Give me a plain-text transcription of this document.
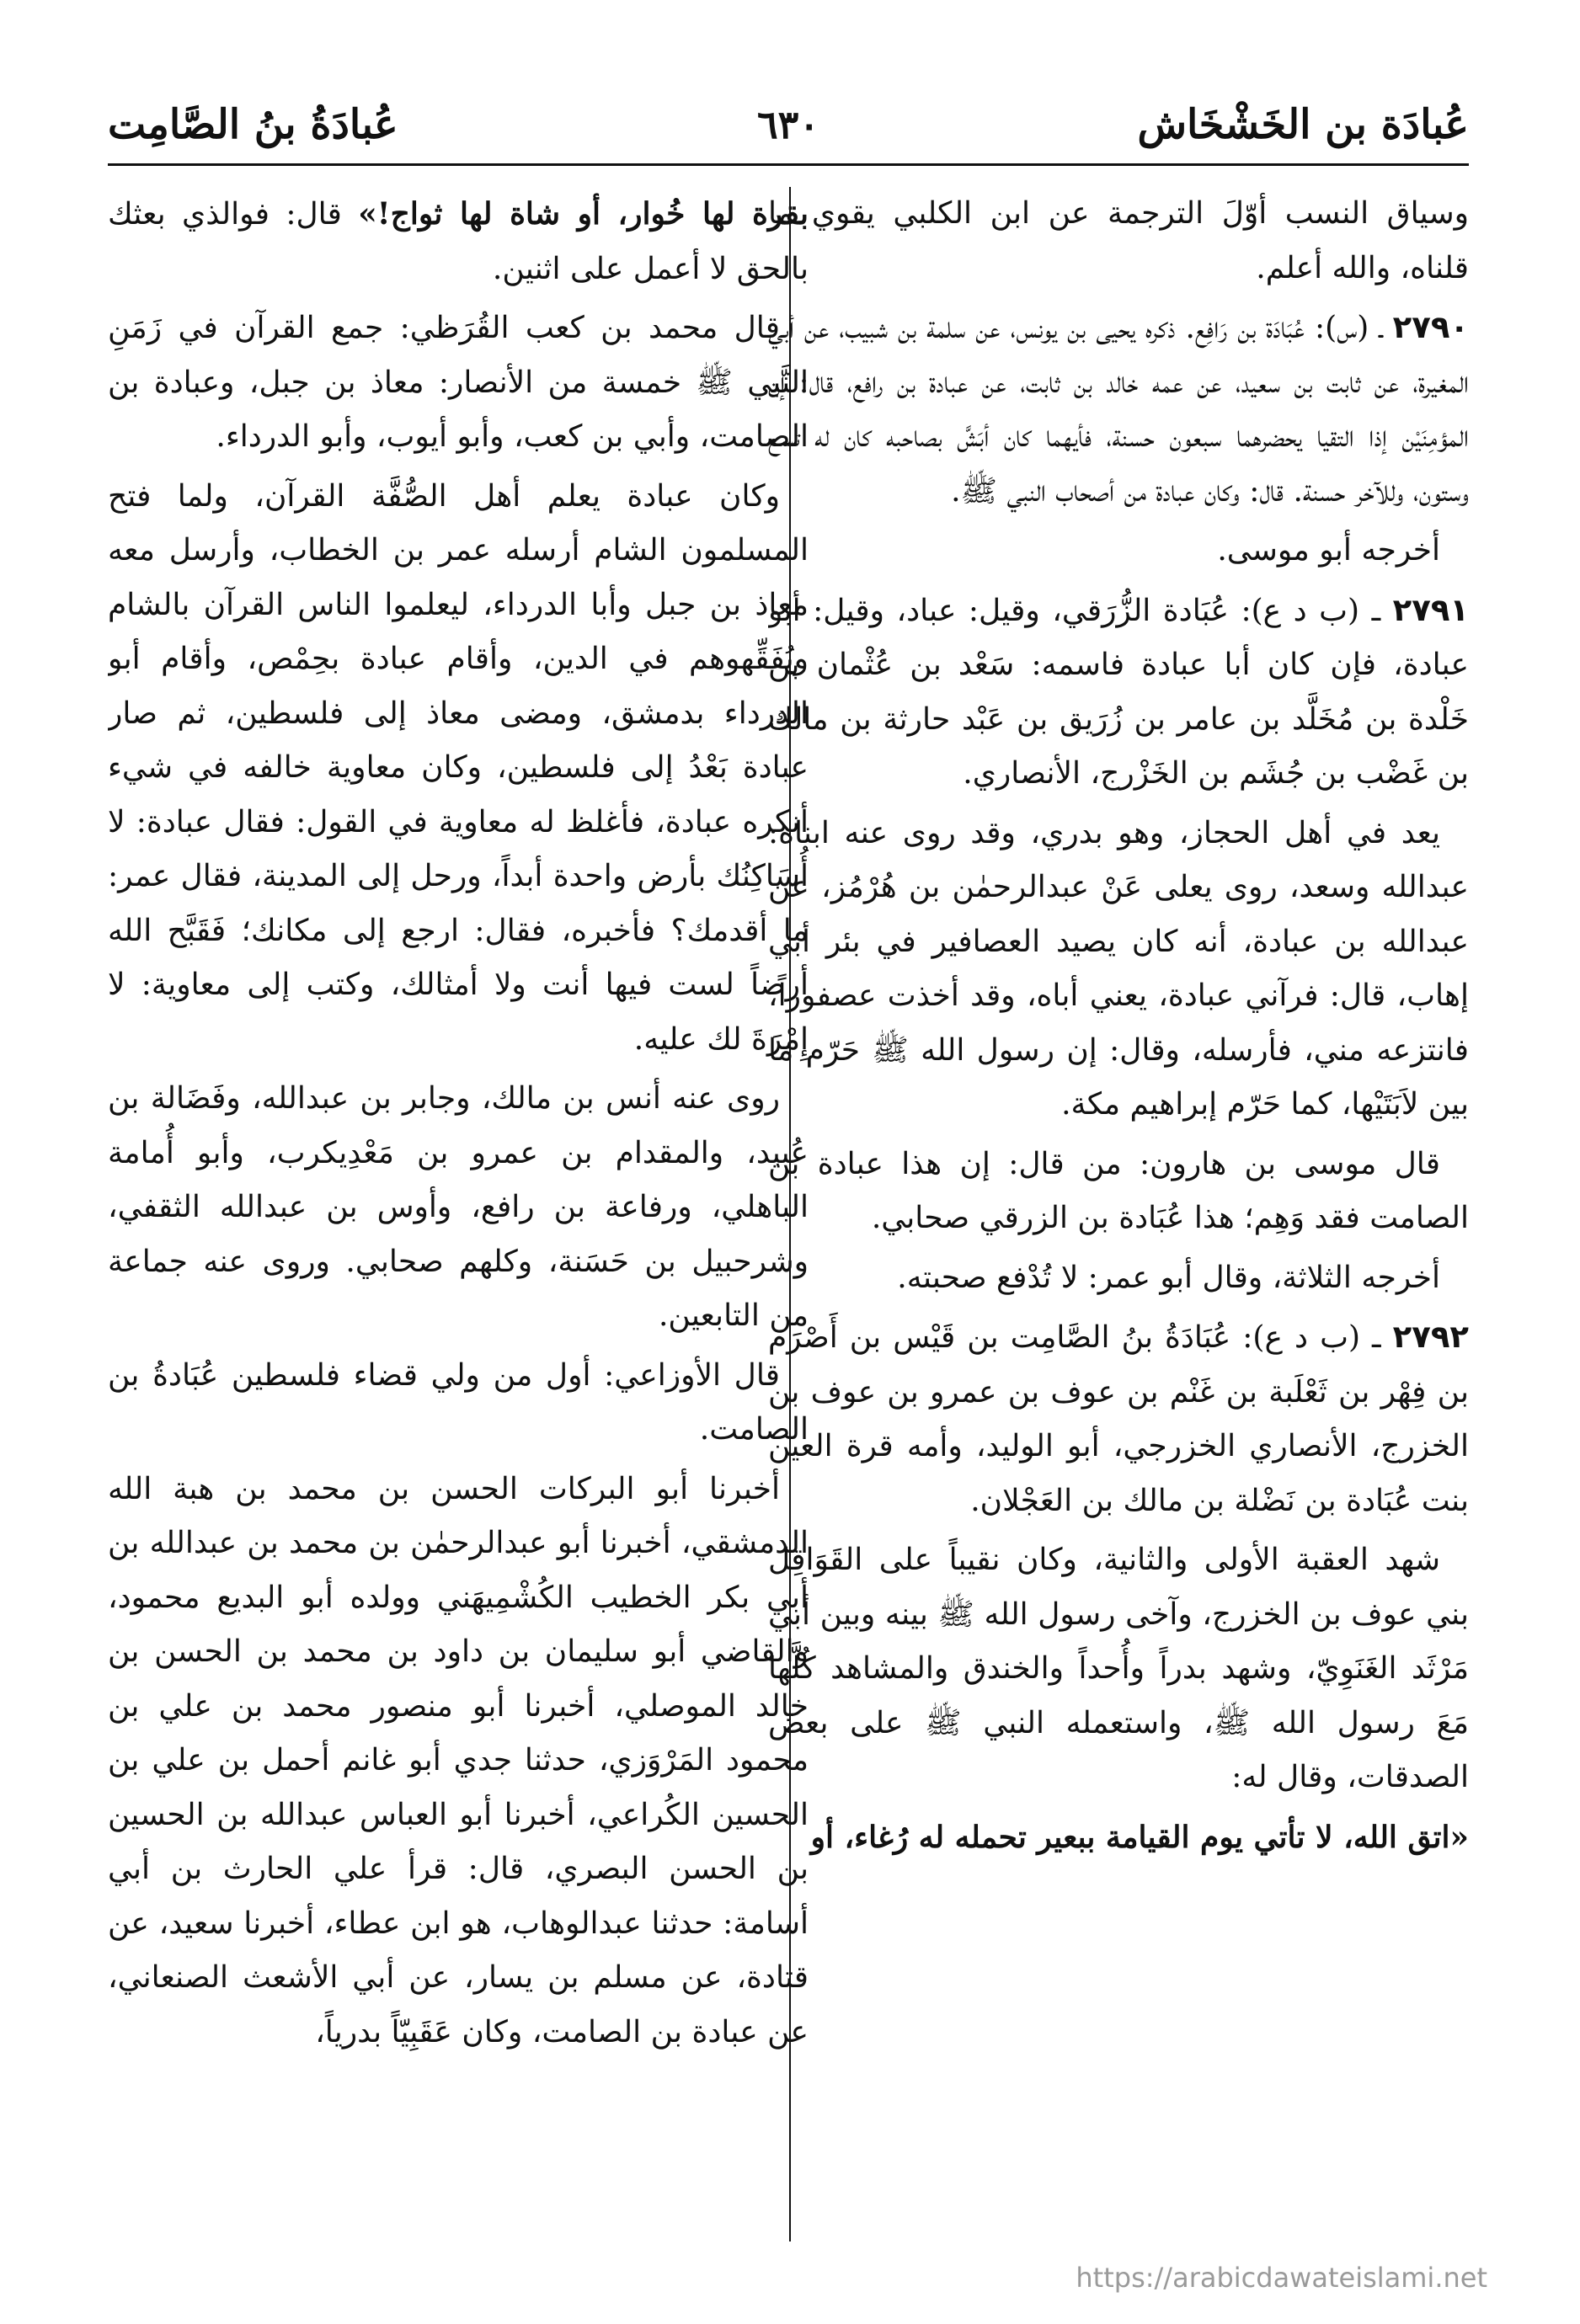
عُبادَة بن الخَشْخَاش
٦٣٠
عُبادَةُ بنُ الصَّامِت

وسياق النسب أوّلَ الترجمة عن ابن الكلبي يقوي ما قلناه، والله أعلم.

٢٧٩٠ ـ (س): عُبَادَة بن رَافِع. ذكره يحيى بن يونس، عن سلمة بن شبيب، عن أبي المغيرة، عن ثابت بن سعيد، عن عمه خالد بن ثابت، عن عبادة بن رافع، قال: إن المؤمِنَيْن إذا التقيا يحضرهما سبعون حسنة، فأيهما كان أبَشَّ بصاحبه كان له تسع وستون، وللآخر حسنة. قال: وكان عبادة من أصحاب النبي ﷺ.

أخرجه أبو موسى.

٢٧٩١ ـ (ب د ع): عُبَادة الزُّرَقي، وقيل: عباد، وقيل: أبو عبادة، فإن كان أبا عبادة فاسمه: سَعْد بن عُثْمان بن خَلْدة بن مُخَلَّد بن عامر بن زُرَيق بن عَبْد حارثة بن مالك بن غَضْب بن جُشَم بن الخَزْرج، الأنصاري.

يعد في أهل الحجاز، وهو بدري، وقد روى عنه ابناه: عبدالله وسعد، روى يعلى عَنْ عبدالرحمٰن بن هُرْمُز، عن عبدالله بن عبادة، أنه كان يصيد العصافير في بئر أبي إهاب، قال: فرآني عبادة، يعني أباه، وقد أخذت عصفوراً، فانتزعه مني، فأرسله، وقال: إن رسول الله ﷺ حَرّم ما بين لاَبَتَيْها، كما حَرّم إبراهيم مكة.

قال موسى بن هارون: من قال: إن هذا عبادة بن الصامت فقد وَهِم؛ هذا عُبَادة بن الزرقي صحابي.

أخرجه الثلاثة، وقال أبو عمر: لا تُدْفع صحبته.

٢٧٩٢ ـ (ب د ع): عُبَادَةُ بنُ الصَّامِت بن قَيْس بن أَصْرَم بن فِهْر بن ثَعْلَبة بن غَنْم بن عوف بن عمرو بن عوف بن الخزرج، الأنصاري الخزرجي، أبو الوليد، وأمه قرة العين بنت عُبَادة بن نَضْلة بن مالك بن العَجْلان.

شهد العقبة الأولى والثانية، وكان نقيباً على القَوَاقِل بني عوف بن الخزرج، وآخى رسول الله ﷺ بينه وبين أبي مَرْثَد الغَنَوِيّ، وشهد بدراً وأُحداً والخندق والمشاهد كُلَّها مَعَ رسول الله ﷺ، واستعمله النبي ﷺ على بعض الصدقات، وقال له:

«اتق الله، لا تأتي يوم القيامة ببعير تحمله له رُغاء، أو

بقرة لها خُوار، أو شاة لها ثواج!» قال: فوالذي بعثك بالحق لا أعمل على اثنين.

قال محمد بن كعب القُرَظي: جمع القرآن في زَمَنِ النَّبي ﷺ خمسة من الأنصار: معاذ بن جبل، وعبادة بن الصامت، وأبي بن كعب، وأبو أيوب، وأبو الدرداء.

وكان عبادة يعلم أهل الصُّفَّة القرآن، ولما فتح المسلمون الشام أرسله عمر بن الخطاب، وأرسل معه معاذ بن جبل وأبا الدرداء، ليعلموا الناس القرآن بالشام ويُفَقِّهوهم في الدين، وأقام عبادة بحِمْص، وأقام أبو الدرداء بدمشق، ومضى معاذ إلى فلسطين، ثم صار عبادة بَعْدُ إلى فلسطين، وكان معاوية خالفه في شيء أنكره عبادة، فأغلظ له معاوية في القول: فقال عبادة: لا أُسَاكِنُك بأرض واحدة أبداً، ورحل إلى المدينة، فقال عمر: ما أقدمك؟ فأخبره، فقال: ارجع إلى مكانك؛ فَقَبَّح الله أرضاً لست فيها أنت ولا أمثالك، وكتب إلى معاوية: لا إِمْرَةَ لك عليه.

روى عنه أنس بن مالك، وجابر بن عبدالله، وفَضَالة بن عُبيد، والمقدام بن عمرو بن مَعْدِيكرب، وأبو أُمامة الباهلي، ورفاعة بن رافع، وأوس بن عبدالله الثقفي، وشرحبيل بن حَسَنة، وكلهم صحابي. وروى عنه جماعة من التابعين.

قال الأوزاعي: أول من ولي قضاء فلسطين عُبَادةُ بن الصامت.

أخبرنا أبو البركات الحسن بن محمد بن هبة الله الدمشقي، أخبرنا أبو عبدالرحمٰن بن محمد بن عبدالله بن أبي بكر الخطيب الكُشْمِيهَني وولده أبو البديع محمود، والقاضي أبو سليمان بن داود بن محمد بن الحسن بن خالد الموصلي، أخبرنا أبو منصور محمد بن علي بن محمود المَرْوَزي، حدثنا جدي أبو غانم أحمل بن علي بن الحسين الكُراعي، أخبرنا أبو العباس عبدالله بن الحسين بن الحسن البصري، قال: قرأ علي الحارث بن أبي أسامة: حدثنا عبدالوهاب، هو ابن عطاء، أخبرنا سعيد، عن قتادة، عن مسلم بن يسار، عن أبي الأشعث الصنعاني، عن عبادة بن الصامت، وكان عَقَبِيّاً بدرياً،

https://arabicdawateislami.net
